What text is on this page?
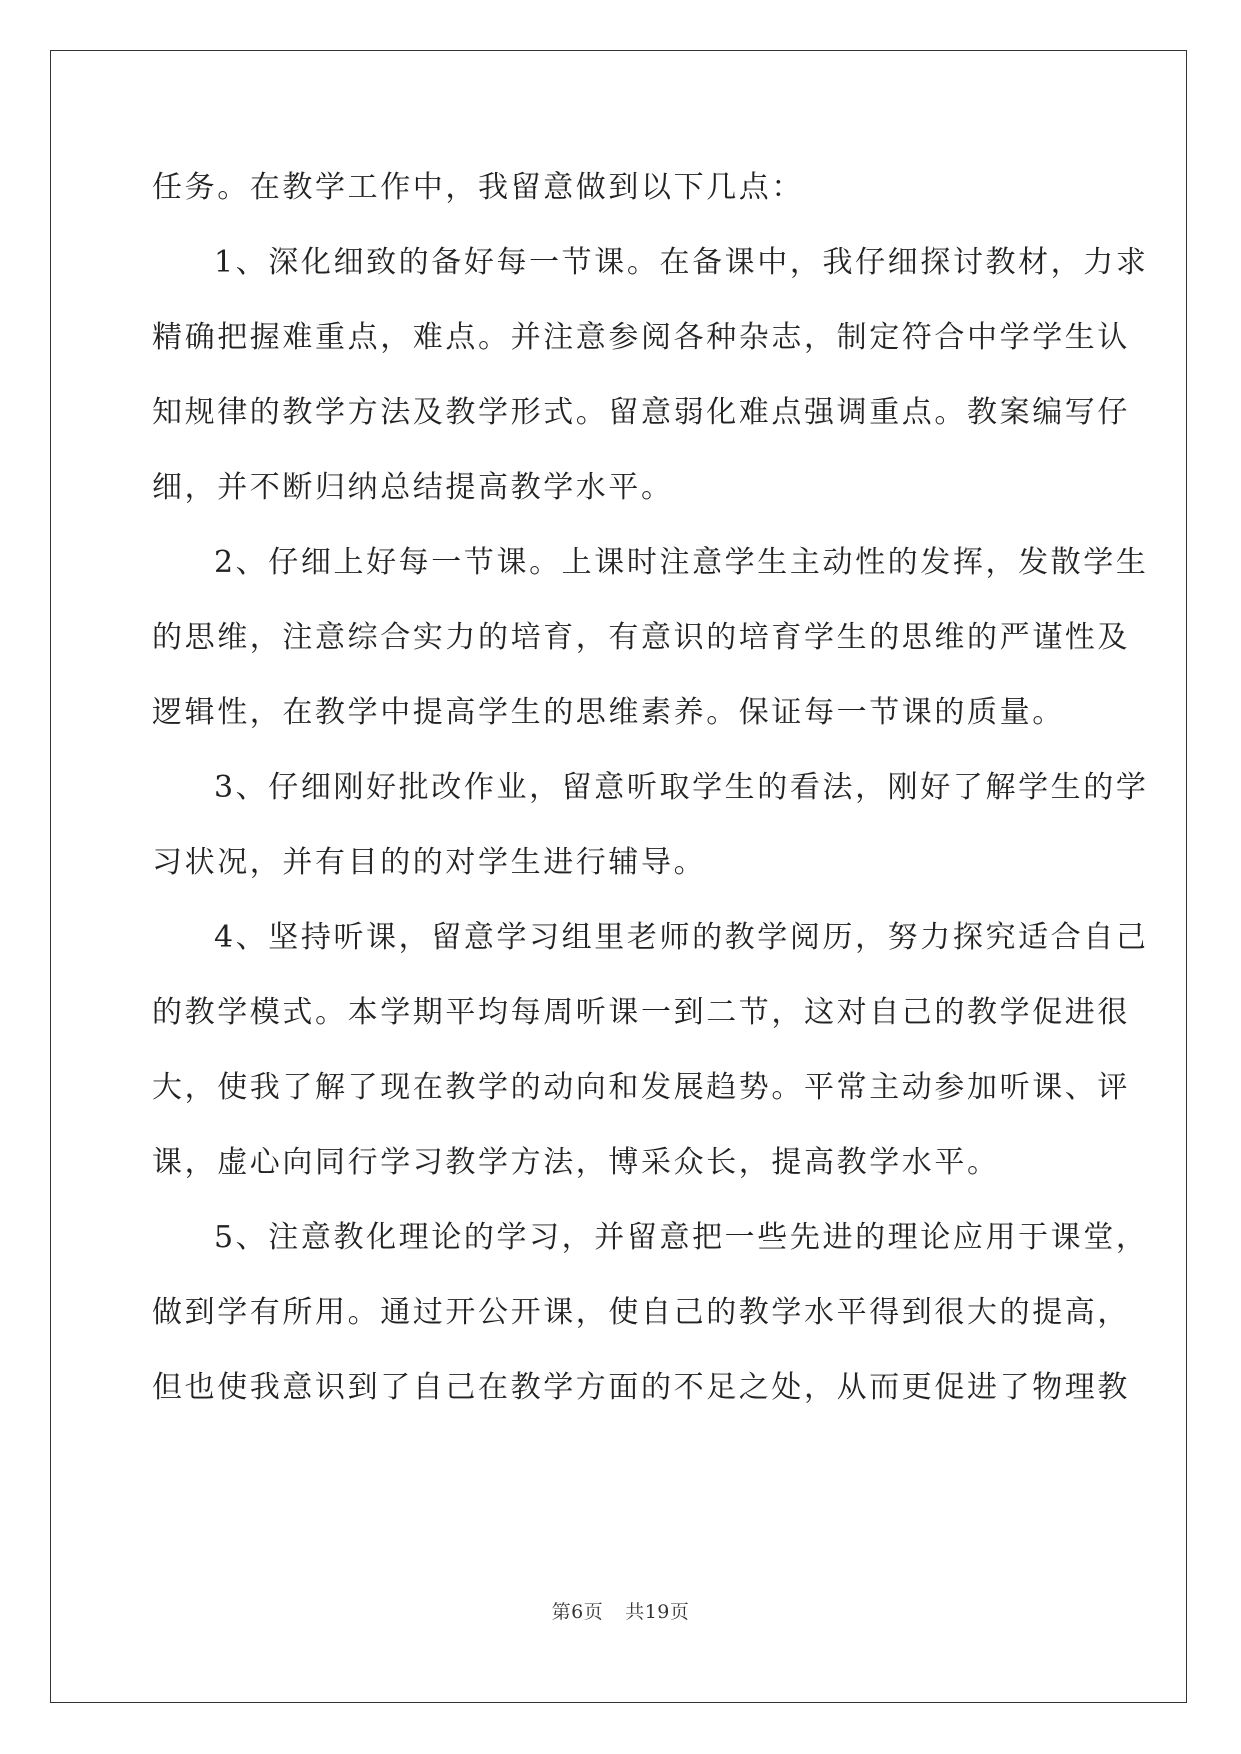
任务。在教学工作中，我留意做到以下几点：
1、深化细致的备好每一节课。在备课中，我仔细探讨教材，力求
精确把握难重点，难点。并注意参阅各种杂志，制定符合中学学生认
知规律的教学方法及教学形式。留意弱化难点强调重点。教案编写仔
细，并不断归纳总结提高教学水平。
2、仔细上好每一节课。上课时注意学生主动性的发挥，发散学生
的思维，注意综合实力的培育，有意识的培育学生的思维的严谨性及
逻辑性，在教学中提高学生的思维素养。保证每一节课的质量。
3、仔细刚好批改作业，留意听取学生的看法，刚好了解学生的学
习状况，并有目的的对学生进行辅导。
4、坚持听课，留意学习组里老师的教学阅历，努力探究适合自己
的教学模式。本学期平均每周听课一到二节，这对自己的教学促进很
大，使我了解了现在教学的动向和发展趋势。平常主动参加听课、评
课，虚心向同行学习教学方法，博采众长，提高教学水平。
5、注意教化理论的学习，并留意把一些先进的理论应用于课堂，
做到学有所用。通过开公开课，使自己的教学水平得到很大的提高，
但也使我意识到了自己在教学方面的不足之处，从而更促进了物理教
第6页 共19页
